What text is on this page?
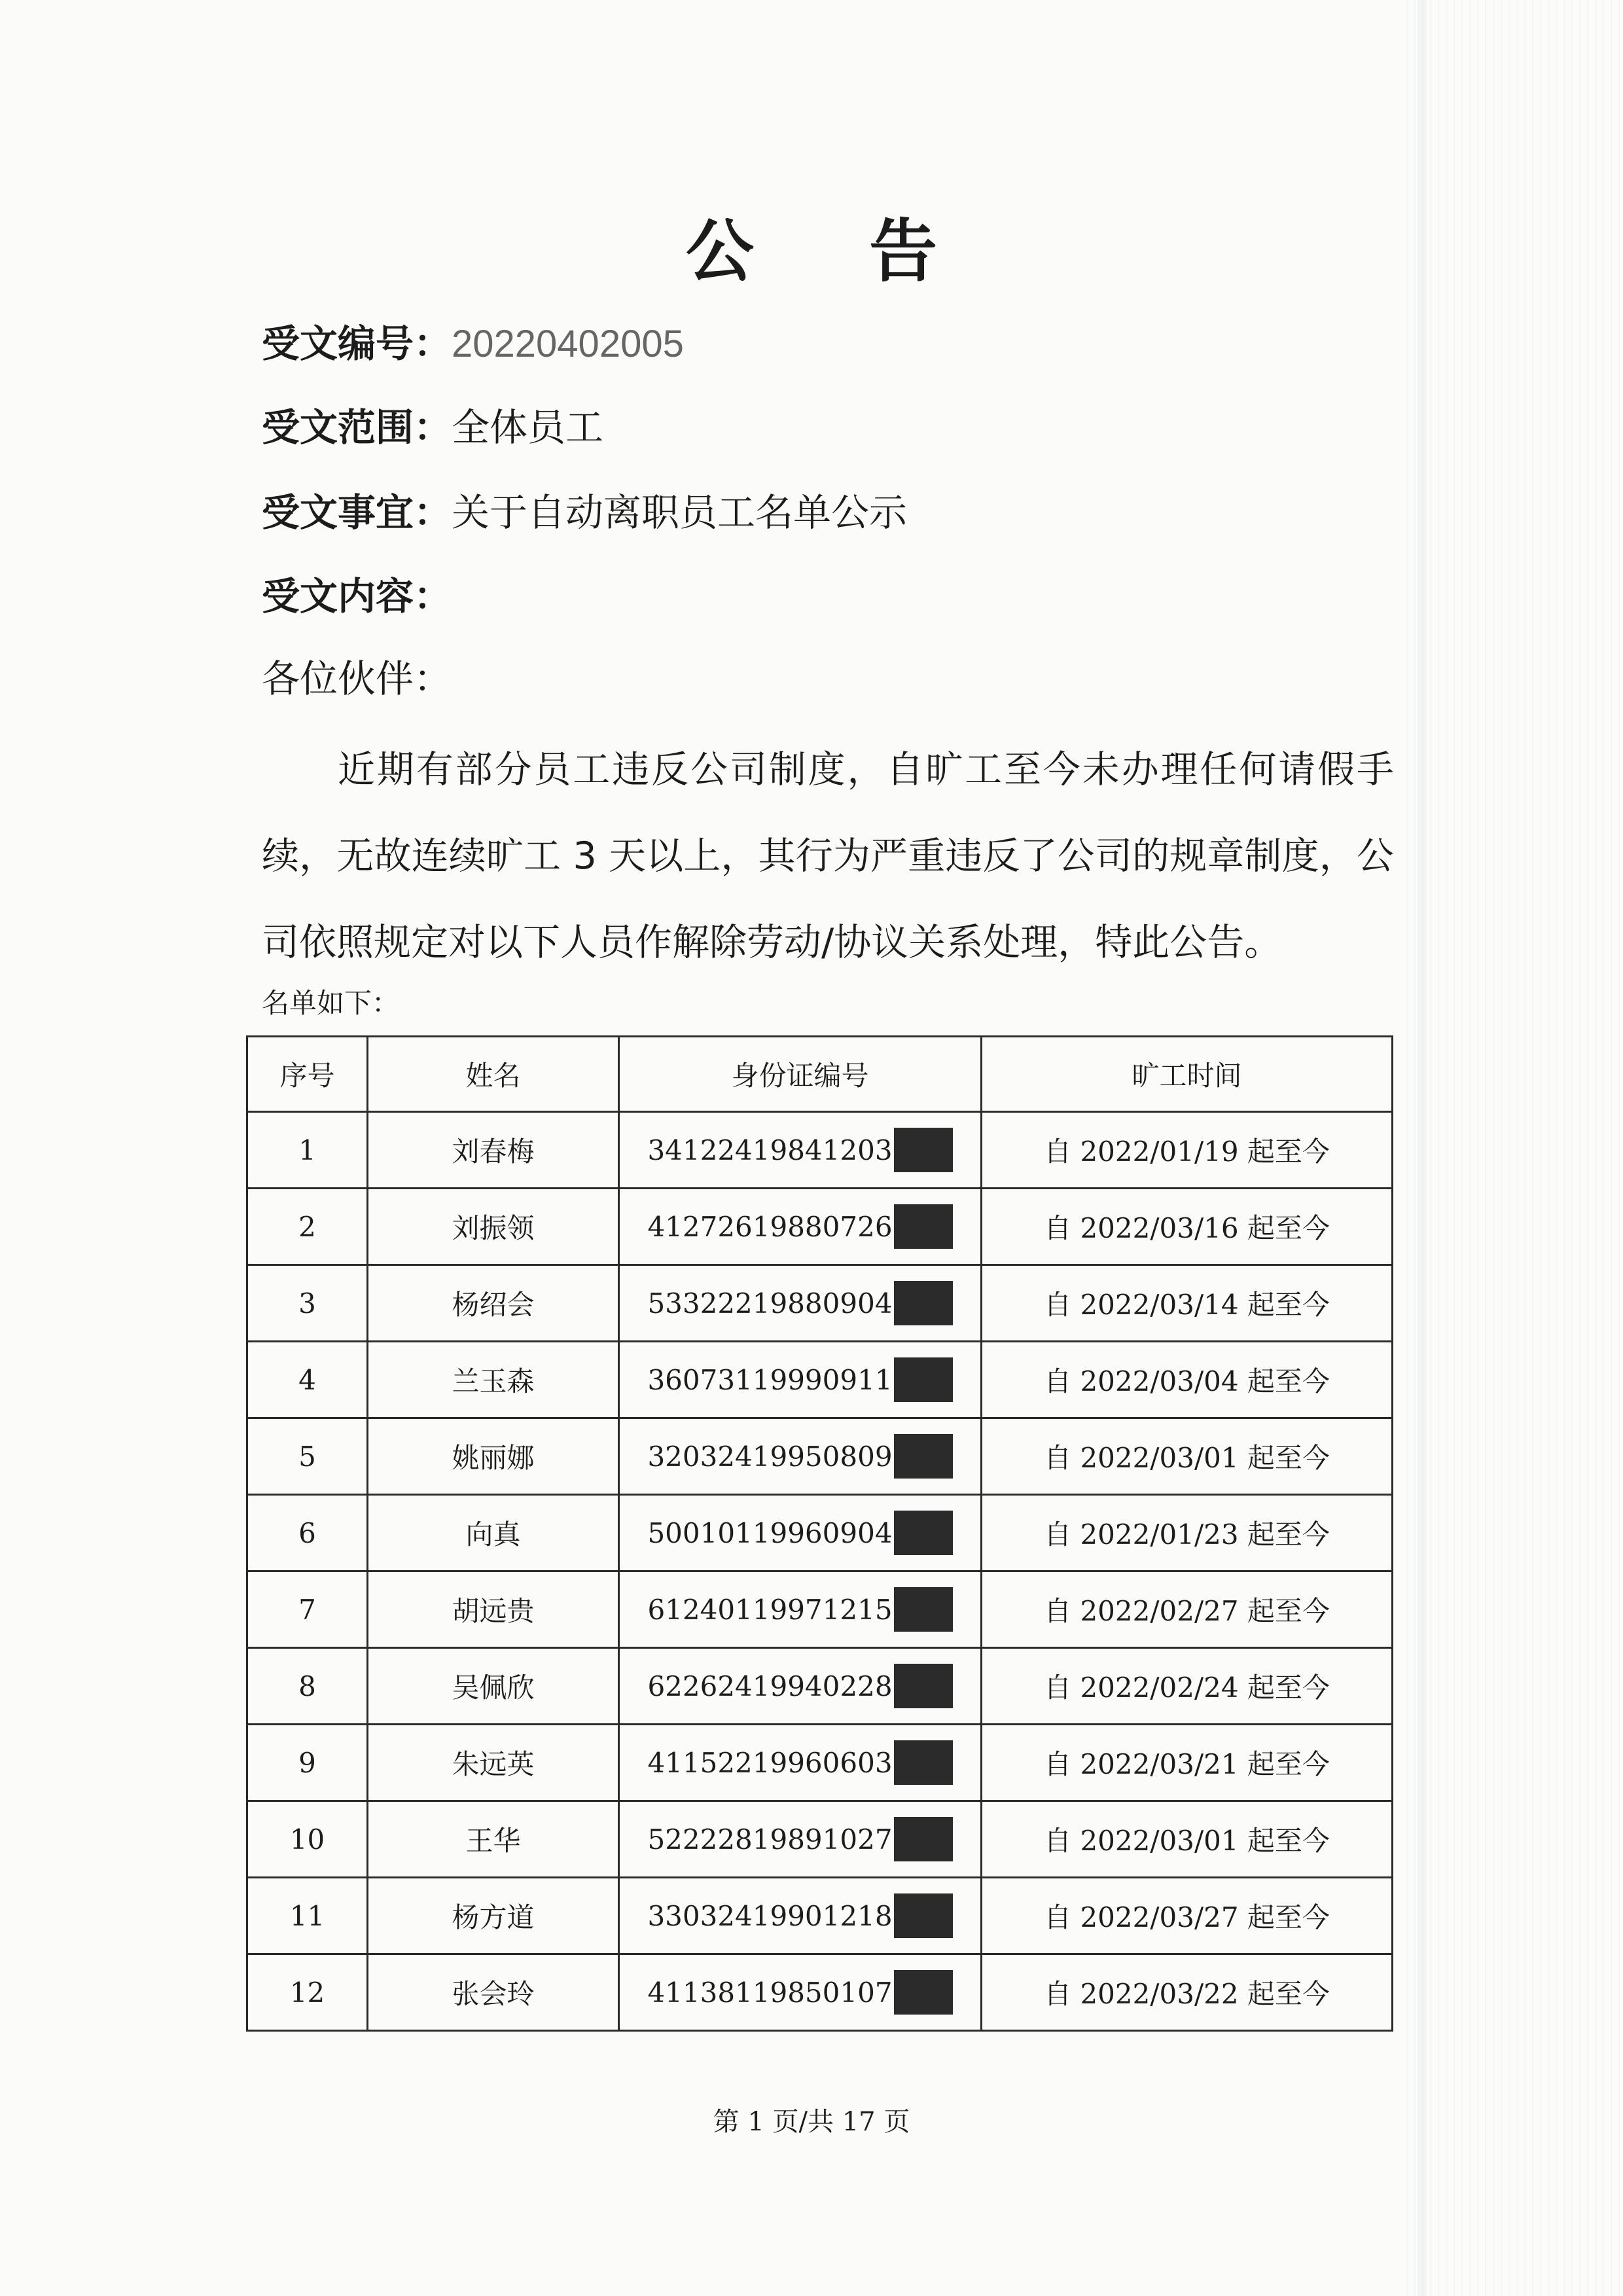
公 告
受文编号：20220402005
受文范围：全体员工
受文事宜：关于自动离职员工名单公示
受文内容：
各位伙伴：
近期有部分员工违反公司制度，自旷工至今未办理任何请假手续，无故连续旷工 3 天以上，其行为严重违反了公司的规章制度，公司依照规定对以下人员作解除劳动/协议关系处理，特此公告。
名单如下：
序号	姓名	身份证编号	旷工时间
1	刘春梅	34122419841203	自 2022/01/19 起至今
2	刘振领	41272619880726	自 2022/03/16 起至今
3	杨绍会	53322219880904	自 2022/03/14 起至今
4	兰玉森	36073119990911	自 2022/03/04 起至今
5	姚丽娜	32032419950809	自 2022/03/01 起至今
6	向真	50010119960904	自 2022/01/23 起至今
7	胡远贵	61240119971215	自 2022/02/27 起至今
8	吴佩欣	62262419940228	自 2022/02/24 起至今
9	朱远英	41152219960603	自 2022/03/21 起至今
10	王华	52222819891027	自 2022/03/01 起至今
11	杨方道	33032419901218	自 2022/03/27 起至今
12	张会玲	41138119850107	自 2022/03/22 起至今
第 1 页/共 17 页
